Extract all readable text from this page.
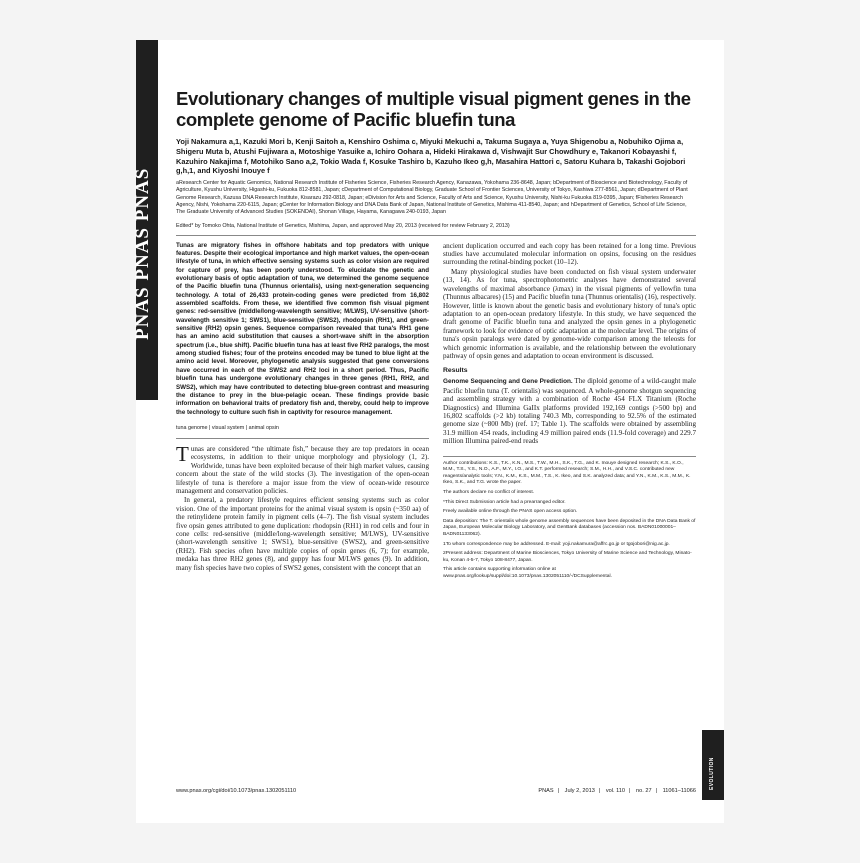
PNAS PNAS PNAS
Evolutionary changes of multiple visual pigment genes in the complete genome of Pacific bluefin tuna

Yoji Nakamura a,1, Kazuki Mori b, Kenji Saitoh a, Kenshiro Oshima c, Miyuki Mekuchi a, Takuma Sugaya a, Yuya Shigenobu a, Nobuhiko Ojima a, Shigeru Muta b, Atushi Fujiwara a, Motoshige Yasuike a, Ichiro Oohara a, Hideki Hirakawa d, Vishwajit Sur Chowdhury e, Takanori Kobayashi f, Kazuhiro Nakajima f, Motohiko Sano a,2, Tokio Wada f, Kosuke Tashiro b, Kazuho Ikeo g,h, Masahira Hattori c, Satoru Kuhara b, Takashi Gojobori g,h,1, and Kiyoshi Inouye f

aResearch Center for Aquatic Genomics, National Research Institute of Fisheries Science, Fisheries Research Agency, Kanazawa, Yokohama 236-8648, Japan; bDepartment of Bioscience and Biotechnology, Faculty of Agriculture, Kyushu University, Higashi-ku, Fukuoka 812-8581, Japan; cDepartment of Computational Biology, Graduate School of Frontier Sciences, University of Tokyo, Kashiwa 277-8561, Japan; dDepartment of Plant Genome Research, Kazusa DNA Research Institute, Kisarazu 292-0818, Japan; eDivision for Arts and Science, Faculty of Arts and Science, Kyushu University, Nishi-ku Fukuoka 819-0395, Japan; fFisheries Research Agency, Nishi, Yokohama 220-6115, Japan; gCenter for Information Biology and DNA Data Bank of Japan, National Institute of Genetics, Mishima 411-8540, Japan; and hDepartment of Genetics, School of Life Science, The Graduate University of Advanced Studies (SOKENDAI), Shonan Village, Hayama, Kanagawa 240-0193, Japan

Edited* by Tomoko Ohta, National Institute of Genetics, Mishima, Japan, and approved May 20, 2013 (received for review February 2, 2013)

Tunas are migratory fishes in offshore habitats and top predators with unique features. Despite their ecological importance and high market values, the open-ocean lifestyle of tuna, in which effective sensing systems such as color vision are required for capture of prey, has been poorly understood. To elucidate the genetic and evolutionary basis of optic adaptation of tuna, we determined the genome sequence of the Pacific bluefin tuna (Thunnus orientalis), using next-generation sequencing technology. A total of 26,433 protein-coding genes were predicted from 16,802 assembled scaffolds. From these, we identified five common fish visual pigment genes: red-sensitive (middle/long-wavelength sensitive; M/LWS), UV-sensitive (short-wavelength sensitive 1; SWS1), blue-sensitive (SWS2), rhodopsin (RH1), and green-sensitive (RH2) opsin genes. Sequence comparison revealed that tuna's RH1 gene has an amino acid substitution that causes a short-wave shift in the absorption spectrum (i.e., blue shift). Pacific bluefin tuna has at least five RH2 paralogs, the most among studied fishes; four of the proteins encoded may be tuned to blue light at the amino acid level. Moreover, phylogenetic analysis suggested that gene conversions have occurred in each of the SWS2 and RH2 loci in a short period. Thus, Pacific bluefin tuna has undergone evolutionary changes in three genes (RH1, RH2, and SWS2), which may have contributed to detecting blue-green contrast and measuring the distance to prey in the blue-pelagic ocean. These findings provide basic information on behavioral traits of predatory fish and, thereby, could help to improve the technology to culture such fish in captivity for resource management.

tuna genome | visual system | animal opsin

Tunas are considered “the ultimate fish,” because they are top predators in ocean ecosystems, in addition to their unique morphology and physiology (1, 2). Worldwide, tunas have been exploited because of their high market values, causing concern about the state of the wild stocks (3). The investigation of the open-ocean lifestyle of tuna is therefore a major issue from the view of ocean-wide resource management and conservation policies.

In general, a predatory lifestyle requires efficient sensing systems such as color vision. One of the important proteins for the animal visual system is opsin (~350 aa) of the retinylidene protein family in pigment cells (4–7). The fish visual system includes five opsin genes attributed to gene duplication: rhodopsin (RH1) in rod cells and four in cone cells: red-sensitive (middle/long-wavelength sensitive; M/LWS), UV-sensitive (short-wavelength sensitive 1; SWS1), blue-sensitive (SWS2), and green-sensitive (RH2). Fish species often have multiple copies of opsin genes (6, 7); for example, medaka has three RH2 genes (8), and guppy has four M/LWS genes (9). In addition, many fish species have two copies of SWS2 genes, consistent with the concept that an

ancient duplication occurred and each copy has been retained for a long time. Previous studies have accumulated molecular information on opsins, focusing on the residues surrounding the retinal-binding pocket (10–12).

Many physiological studies have been conducted on fish visual system underwater (13, 14). As for tuna, spectrophotometric analyses have demonstrated several wavelengths of maximal absorbance (λmax) in the visual pigments of yellowfin tuna (Thunnus albacares) (15) and Pacific bluefin tuna (Thunnus orientalis) (16), respectively. However, little is known about the genetic basis and evolutionary history of tuna's optic adaptation to an open-ocean predatory lifestyle. In this study, we have sequenced the draft genome of Pacific bluefin tuna and analyzed the opsin genes in a phylogenetic framework to look for evidence of optic adaptation at the molecular level. The origins of tuna's opsin paralogs were dated by genome-wide comparison among the teleosts for which genomic information is available, and the relationship between the evolutionary pathway of opsin genes and adaptation to ocean environment is discussed.

Results

Genome Sequencing and Gene Prediction. The diploid genome of a wild-caught male Pacific bluefin tuna (T. orientalis) was sequenced. A whole-genome shotgun sequencing and assembling strategy with a combination of Roche 454 FLX Titanium (Roche Diagnostics) and Illumina GaIIx platforms provided 192,169 contigs (>500 bp) and 16,802 scaffolds (>2 kb) totaling 740.3 Mb, corresponding to 92.5% of the estimated genome size (~800 Mb) (ref. 17; Table 1). The scaffolds were obtained by assembling 31.9 million 454 reads, including 4.9 million paired ends (11.9-fold coverage) and 229.7 million Illumina paired-end reads

Author contributions: K.S., T.K., K.N., M.S., T.W., M.H., S.K., T.G., and K. Inouye designed research; K.S., K.O., M.M., T.S., Y.S., N.O., A.F., M.Y., I.O., and K.T. performed research; S.M., H.H., and V.S.C. contributed new reagents/analytic tools; Y.N., K.M., K.S., M.M., T.S., K. Ikeo, and S.K. analyzed data; and Y.N., K.M., K.S., M.M., K. Ikeo, S.K., and T.G. wrote the paper.

The authors declare no conflict of interest.

*This Direct Submission article had a prearranged editor.

Freely available online through the PNAS open access option.

Data deposition: The T. orientalis whole genome assembly sequences have been deposited in the DNA Data Bank of Japan, European Molecular Biology Laboratory, and GenBank databases (accession nos. BADN01000001–BADN01133062).

1To whom correspondence may be addressed. E-mail: yoji.nakamura@affrc.go.jp or tgojobori@nig.ac.jp.

2Present address: Department of Marine Biosciences, Tokyo University of Marine Science and Technology, Minato-ku, Konan 4-5-7, Tokyo 108-8477, Japan.

This article contains supporting information online at www.pnas.org/lookup/suppl/doi:10.1073/pnas.1302051110/-/DCSupplemental.

EVOLUTION
www.pnas.org/cgi/doi/10.1073/pnas.1302051110	PNAS | July 2, 2013 | vol. 110 | no. 27 | 11061–11066
